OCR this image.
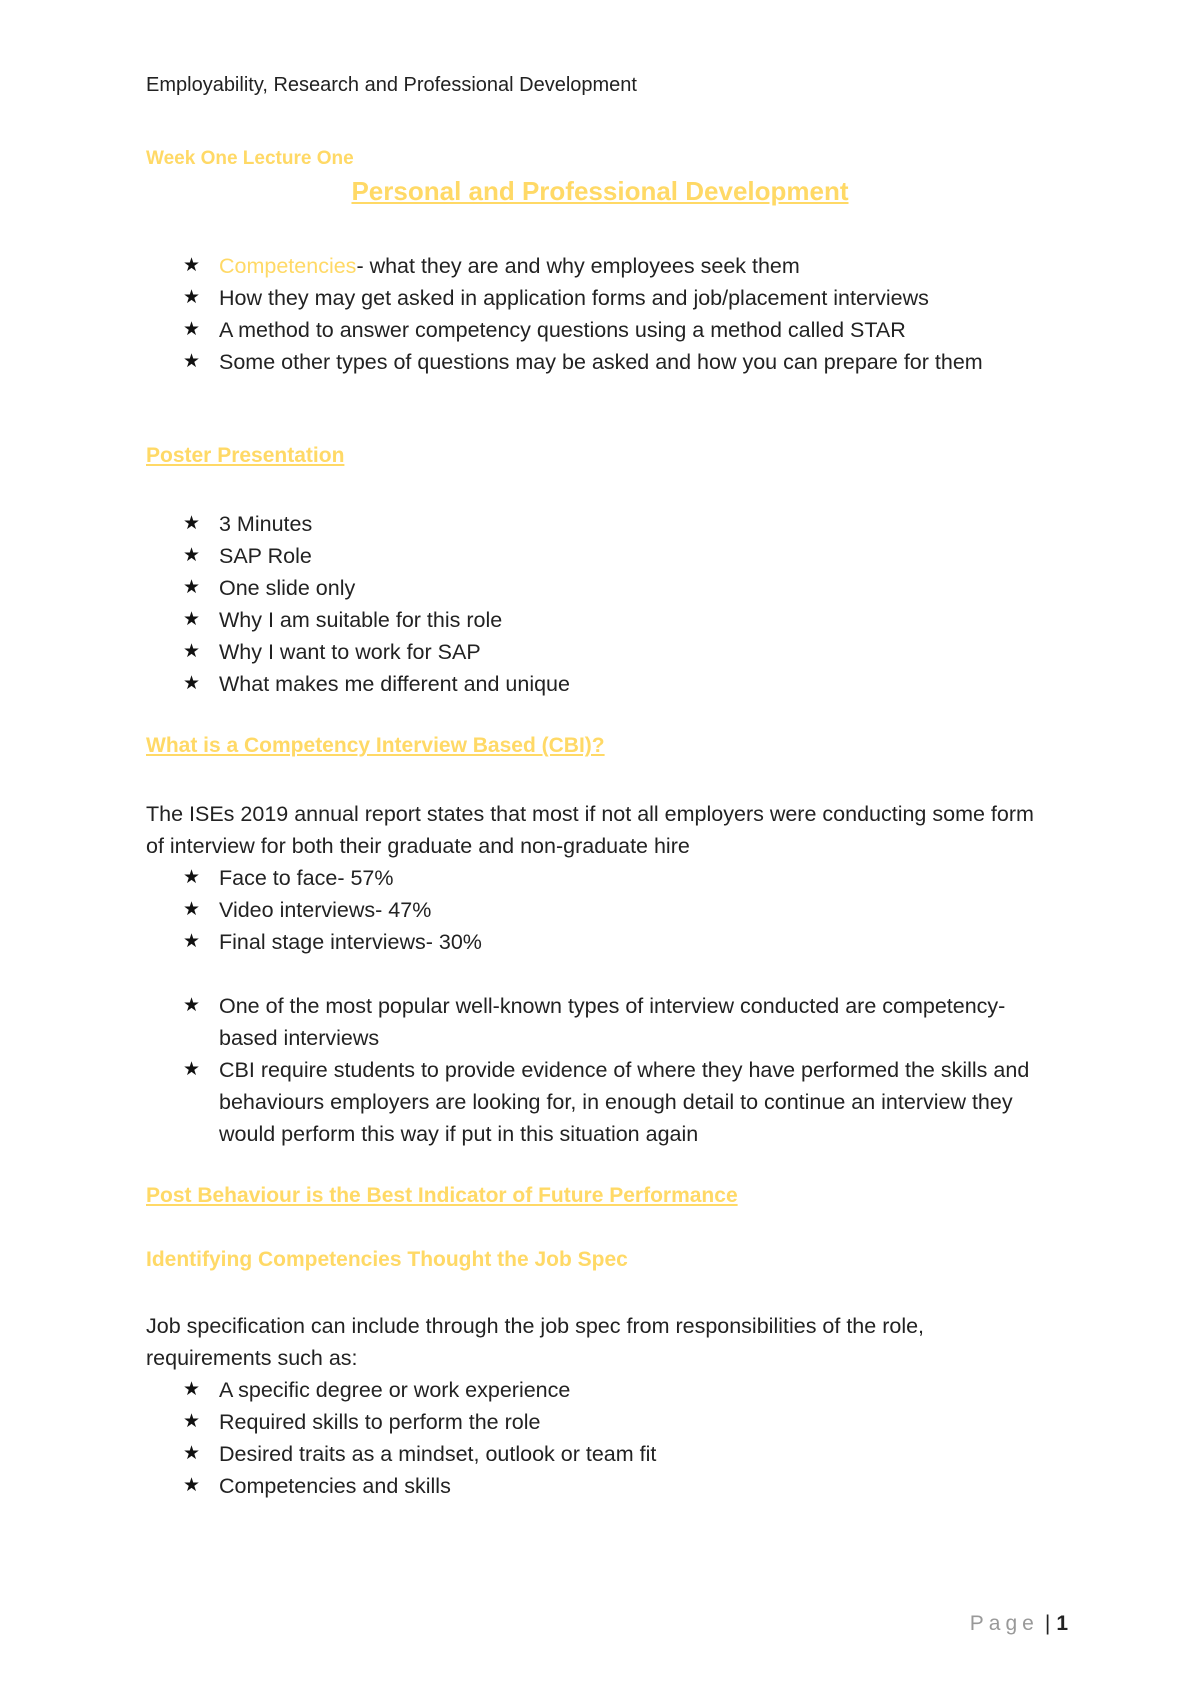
Employability, Research and Professional Development
Week One Lecture One
Personal and Professional Development
★ Competencies- what they are and why employees seek them
★ How they may get asked in application forms and job/placement interviews
★ A method to answer competency questions using a method called STAR
★ Some other types of questions may be asked and how you can prepare for them

Poster Presentation

★ 3 Minutes
★ SAP Role
★ One slide only
★ Why I am suitable for this role
★ Why I want to work for SAP
★ What makes me different and unique

What is a Competency Interview Based (CBI)?

The ISEs 2019 annual report states that most if not all employers were conducting some form of interview for both their graduate and non-graduate hire

★ Face to face- 57%
★ Video interviews- 47%
★ Final stage interviews- 30%
★ One of the most popular well-known types of interview conducted are competency-based interviews
★ CBI require students to provide evidence of where they have performed the skills and behaviours employers are looking for, in enough detail to continue an interview they would perform this way if put in this situation again

Post Behaviour is the Best Indicator of Future Performance

Identifying Competencies Thought the Job Spec

Job specification can include through the job spec from responsibilities of the role, requirements such as:

★ A specific degree or work experience
★ Required skills to perform the role
★ Desired traits as a mindset, outlook or team fit
★ Competencies and skills
Page | 1
